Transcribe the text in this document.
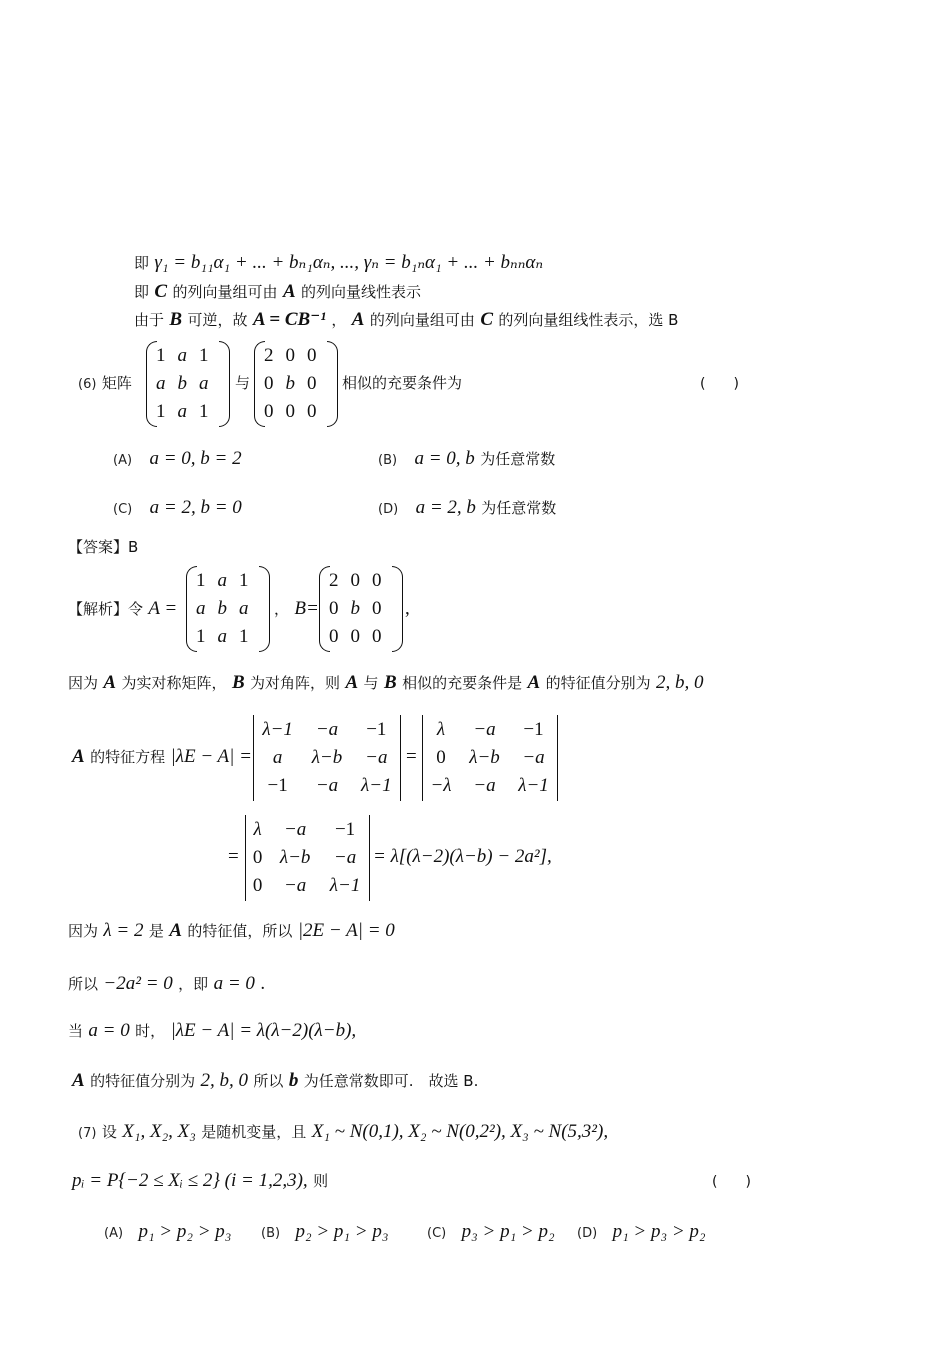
即 γ₁ = b₁₁α₁ + ... + bₙ₁αₙ, ..., γₙ = b₁ₙα₁ + ... + bₙₙαₙ
即 C 的列向量组可由 A 的列向量线性表示
由于 B 可逆，故 A = CB⁻¹ ， A 的列向量组可由 C 的列向量组线性表示，选 B
(6) 矩阵
1	a	1
a	b	a
1	a	1
与
2	0	0
0	b	0
0	0	0
相似的充要条件为	(　　)
(A) a = 0, b = 2	(B) a = 0, b 为任意常数
(C) a = 2, b = 0	(D) a = 2, b 为任意常数
【答案】B
【解析】令 A =
1	a	1
a	b	a
1	a	1
， B=
2	0	0
0	b	0
0	0	0
,
因为 A 为实对称矩阵， B 为对角阵，则 A 与 B 相似的充要条件是 A 的特征值分别为 2, b, 0
A 的特征方程 |λE − A| =
λ−1	−a	−1
a	λ−b	−a
−1	−a	λ−1
=
λ	−a	−1
0	λ−b	−a
−λ	−a	λ−1
=
λ	−a	−1
0	λ−b	−a
0	−a	λ−1
= λ[(λ−2)(λ−b) − 2a²],
因为 λ = 2 是 A 的特征值，所以 |2E − A| = 0
所以 −2a² = 0 ，即 a = 0 .
当 a = 0 时， |λE − A| = λ(λ−2)(λ−b),
A 的特征值分别为 2, b, 0 所以 b 为任意常数即可.　故选 B.
(7) 设 X₁, X₂, X₃ 是随机变量，且 X₁ ~ N(0,1), X₂ ~ N(0,2²), X₃ ~ N(5,3²),
pᵢ = P{−2 ≤ Xᵢ ≤ 2} (i = 1,2,3), 则	(　　)
(A) p₁ > p₂ > p₃ (B) p₂ > p₁ > p₃	(C) p₃ > p₁ > p₂ (D) p₁ > p₃ > p₂
